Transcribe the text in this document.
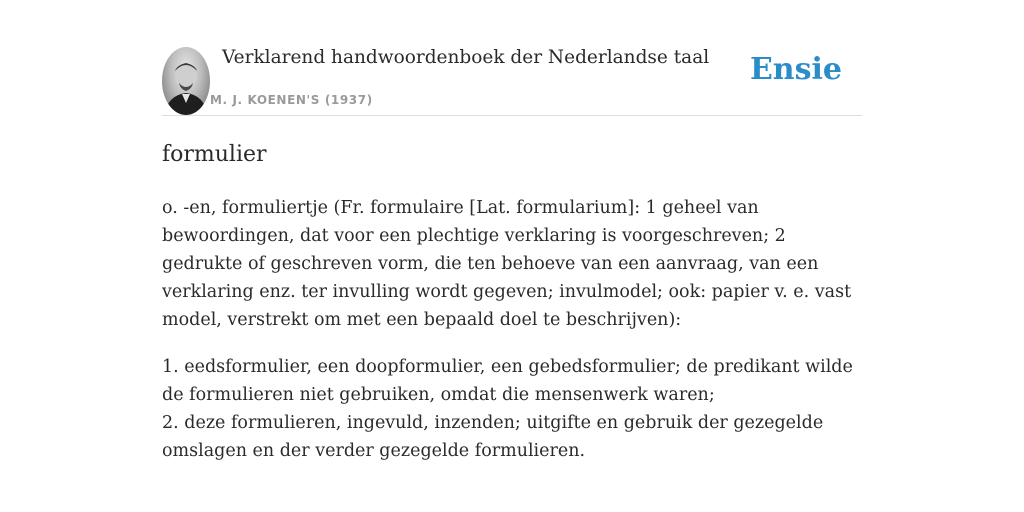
Verklarend handwoordenboek der Nederlandse taal
M. J. KOENEN'S (1937)
Ensie
formulier

o. -en, formuliertje (Fr. formulaire [Lat. formularium]: 1 geheel van bewoordingen, dat voor een plechtige verklaring is voorgeschreven; 2 gedrukte of geschreven vorm, die ten behoeve van een aanvraag, van een verklaring enz. ter invulling wordt gegeven; invulmodel; ook: papier v. e. vast model, verstrekt om met een bepaald doel te beschrijven):

1. eedsformulier, een doopformulier, een gebedsformulier; de predikant wilde de formulieren niet gebruiken, omdat die mensenwerk waren;
2. deze formulieren, ingevuld, inzenden; uitgifte en gebruik der gezegelde omslagen en der verder gezegelde formulieren.
